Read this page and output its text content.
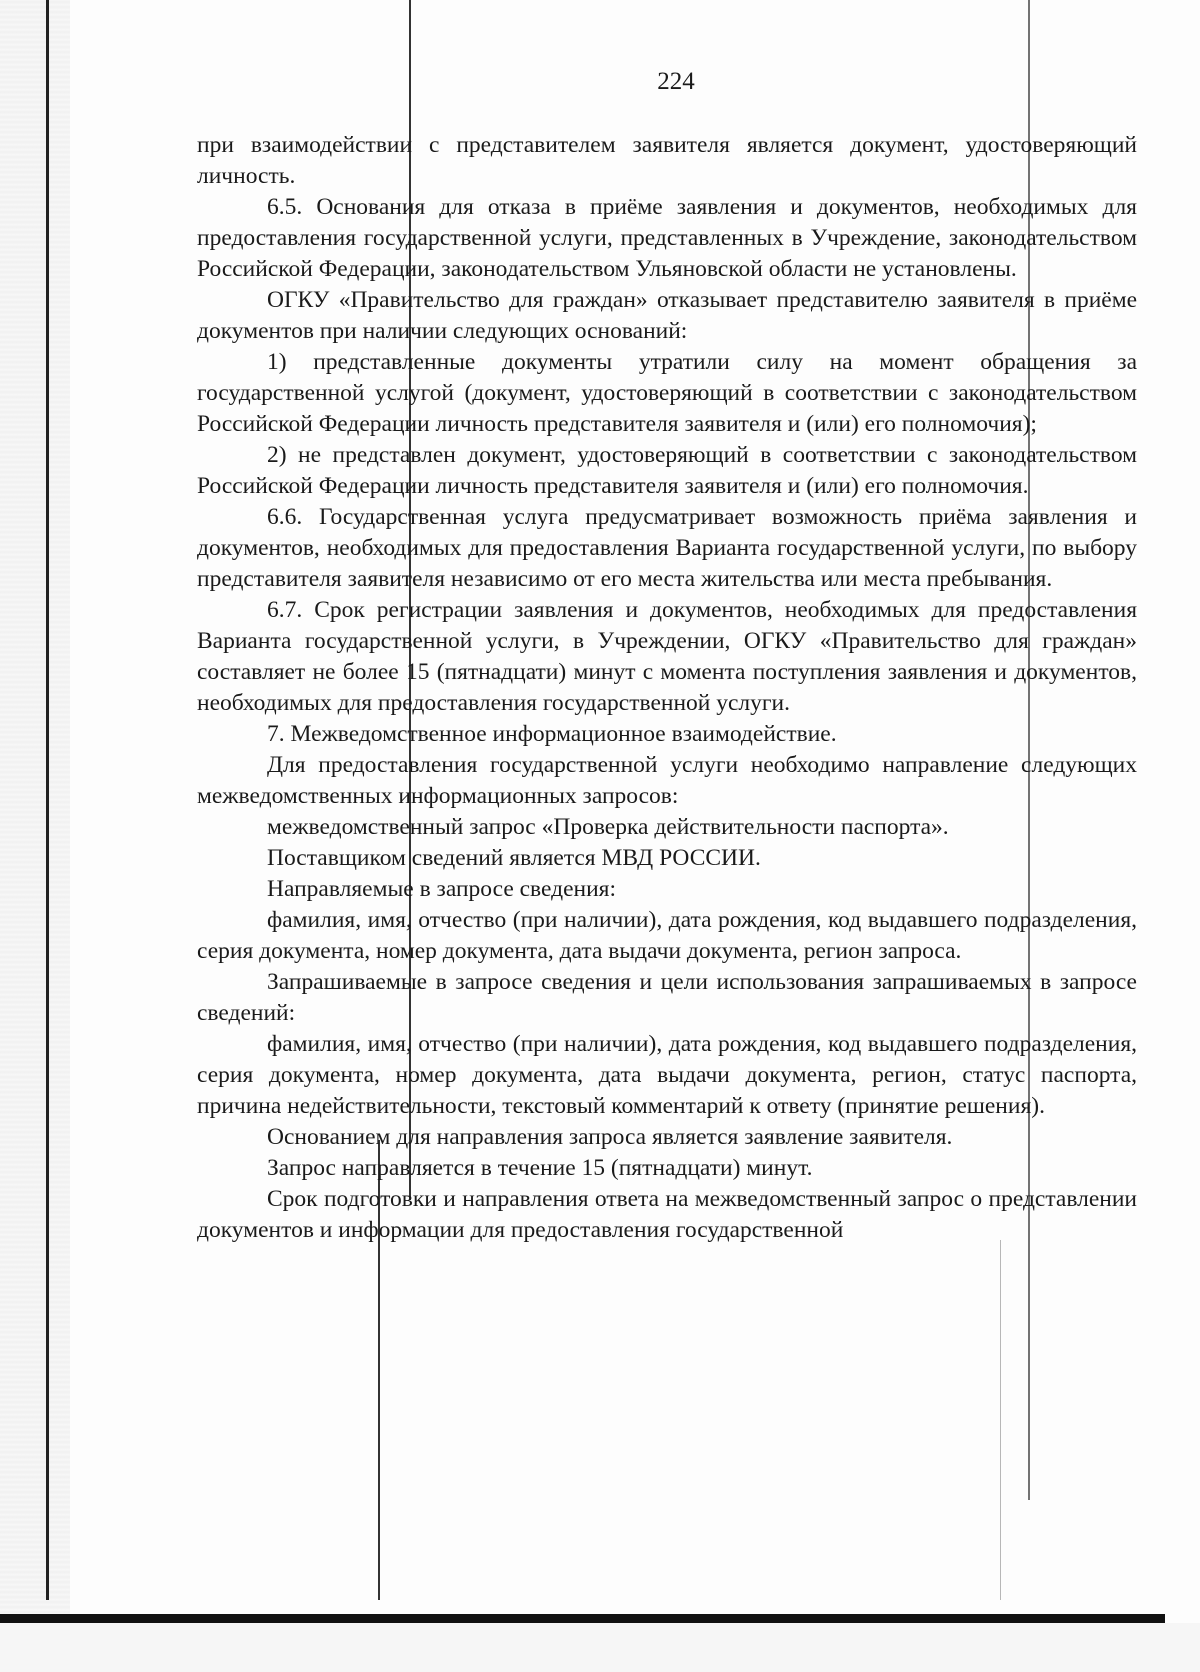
224

при взаимодействии с представителем заявителя является документ, удостоверяющий личность.

6.5. Основания для отказа в приёме заявления и документов, необходимых для предоставления государственной услуги, представленных в Учреждение, законодательством Российской Федерации, законодательством Ульяновской области не установлены.

ОГКУ «Правительство для граждан» отказывает представителю заявителя в приёме документов при наличии следующих оснований:

1) представленные документы утратили силу на момент обращения за государственной услугой (документ, удостоверяющий в соответствии с законодательством Российской Федерации личность представителя заявителя и (или) его полномочия);

2) не представлен документ, удостоверяющий в соответствии с законодательством Российской Федерации личность представителя заявителя и (или) его полномочия.

6.6. Государственная услуга предусматривает возможность приёма заявления и документов, необходимых для предоставления Варианта государственной услуги, по выбору представителя заявителя независимо от его места жительства или места пребывания.

6.7. Срок регистрации заявления и документов, необходимых для предоставления Варианта государственной услуги, в Учреждении, ОГКУ «Правительство для граждан» составляет не более 15 (пятнадцати) минут с момента поступления заявления и документов, необходимых для предоставления государственной услуги.

7. Межведомственное информационное взаимодействие.

Для предоставления государственной услуги необходимо направление следующих межведомственных информационных запросов:

межведомственный запрос «Проверка действительности паспорта».

Поставщиком сведений является МВД РОССИИ.

Направляемые в запросе сведения:

фамилия, имя, отчество (при наличии), дата рождения, код выдавшего подразделения, серия документа, номер документа, дата выдачи документа, регион запроса.

Запрашиваемые в запросе сведения и цели использования запрашиваемых в запросе сведений:

фамилия, имя, отчество (при наличии), дата рождения, код выдавшего подразделения, серия документа, номер документа, дата выдачи документа, регион, статус паспорта, причина недействительности, текстовый комментарий к ответу (принятие решения).

Основанием для направления запроса является заявление заявителя.

Запрос направляется в течение 15 (пятнадцати) минут.

Срок подготовки и направления ответа на межведомственный запрос о представлении документов и информации для предоставления государственной
